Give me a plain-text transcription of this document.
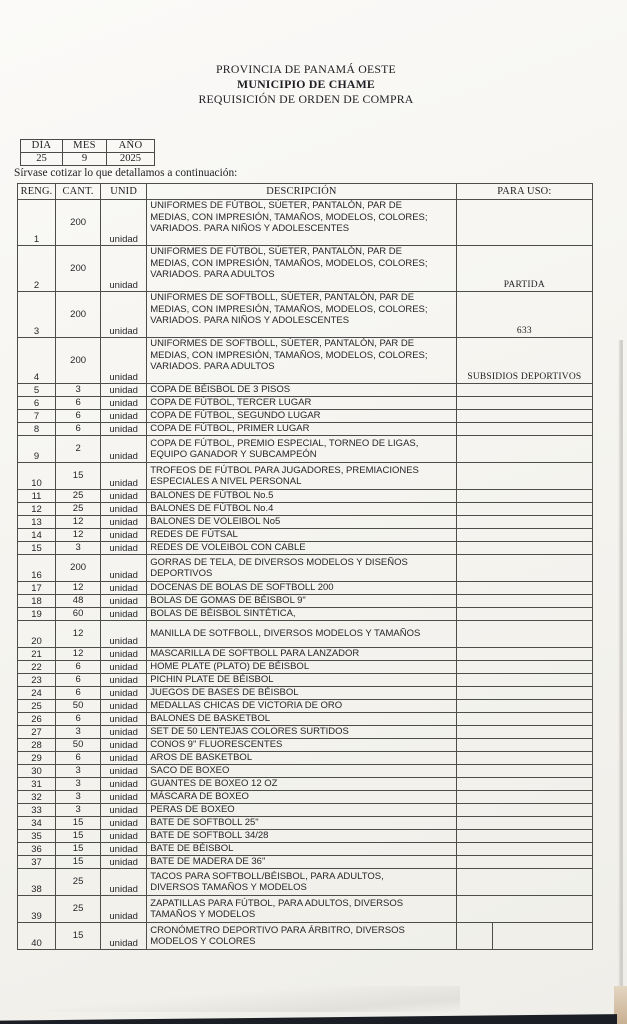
PROVINCIA DE PANAMÁ OESTE
MUNICIPIO DE CHAME
REQUISICIÓN DE ORDEN DE COMPRA
DÍA	MES	AÑO
25	9	2025
Sírvase cotizar lo que detallamos a continuación:
RENG.	CANT.	UNID	DESCRIPCIÓN	PARA USO:	
1	200	unidad	UNIFORMES DE FÚTBOL, SÚETER, PANTALÓN, PAR DE MEDIAS, CON IMPRESIÓN, TAMAÑOS, MODELOS, COLORES; VARIADOS. PARA NIÑOS Y ADOLESCENTES		
2	200	unidad	UNIFORMES DE FÚTBOL, SÚETER, PANTALÓN, PAR DE MEDIAS, CON IMPRESIÓN, TAMAÑOS, MODELOS, COLORES; VARIADOS. PARA ADULTOS	PARTIDA	
3	200	unidad	UNIFORMES DE SOFTBOLL, SÚETER, PANTALÓN, PAR DE MEDIAS, CON IMPRESIÓN, TAMAÑOS, MODELOS, COLORES; VARIADOS. PARA NIÑOS Y ADOLESCENTES	633	
4	200	unidad	UNIFORMES DE SOFTBOLL, SÚETER, PANTALÓN, PAR DE MEDIAS, CON IMPRESIÓN, TAMAÑOS, MODELOS, COLORES; VARIADOS. PARA ADULTOS	SUBSIDIOS DEPORTIVOS	
5	3	unidad	COPA DE BÉISBOL DE 3 PISOS		
6	6	unidad	COPA DE FÚTBOL, TERCER LUGAR		
7	6	unidad	COPA DE FÚTBOL, SEGUNDO LUGAR		
8	6	unidad	COPA DE FÚTBOL, PRIMER LUGAR		
9	2	unidad	COPA DE FÚTBOL, PREMIO ESPECIAL, TORNEO DE LIGAS, EQUIPO GANADOR Y SUBCAMPEÓN		
10	15	unidad	TROFEOS DE FÚTBOL PARA JUGADORES, PREMIACIONES ESPECIALES A NIVEL PERSONAL		
11	25	unidad	BALONES DE FÚTBOL No.5		
12	25	unidad	BALONES DE FÚTBOL No.4		
13	12	unidad	BALONES DE VOLEIBOL No5		
14	12	unidad	REDES DE FÚTSAL		
15	3	unidad	REDES DE VOLEIBOL CON CABLE		
16	200	unidad	GORRAS DE TELA, DE DIVERSOS MODELOS Y DISEÑOS DEPORTIVOS		
17	12	unidad	DOCENAS DE BOLAS DE SOFTBOLL 200		
18	48	unidad	BOLAS DE GOMAS DE BÉISBOL 9"		
19	60	unidad	BOLAS DE BÉISBOL SINTÉTICA,		
20	12	unidad	MANILLA DE SOTFBOLL, DIVERSOS MODELOS Y TAMAÑOS		
21	12	unidad	MASCARILLA DE SOFTBOLL PARA LANZADOR		
22	6	unidad	HOME PLATE (PLATO) DE BÉISBOL		
23	6	unidad	PICHIN PLATE DE BÉISBOL		
24	6	unidad	JUEGOS DE BASES DE BÉISBOL		
25	50	unidad	MEDALLAS CHICAS DE VICTORIA DE ORO		
26	6	unidad	BALONES DE BASKETBOL		
27	3	unidad	SET DE 50 LENTEJAS COLORES SURTIDOS		
28	50	unidad	CONOS 9" FLUORESCENTES		
29	6	unidad	AROS DE BASKETBOL		
30	3	unidad	SACO DE BOXEO		
31	3	unidad	GUANTES DE BOXEO 12 OZ		
32	3	unidad	MÁSCARA DE BOXEO		
33	3	unidad	PERAS DE BOXEO		
34	15	unidad	BATE DE SOFTBOLL 25"		
35	15	unidad	BATE DE SOFTBOLL 34/28		
36	15	unidad	BATE DE BÉISBOL		
37	15	unidad	BATE DE MADERA DE 36"		
38	25	unidad	TACOS PARA SOFTBOLL/BÉISBOL, PARA ADULTOS, DIVERSOS TAMAÑOS Y MODELOS		
39	25	unidad	ZAPATILLAS PARA FÚTBOL, PARA ADULTOS, DIVERSOS TAMAÑOS Y MODELOS		
40	15	unidad	CRONÓMETRO DEPORTIVO PARA ÁRBITRO, DIVERSOS MODELOS Y COLORES		
